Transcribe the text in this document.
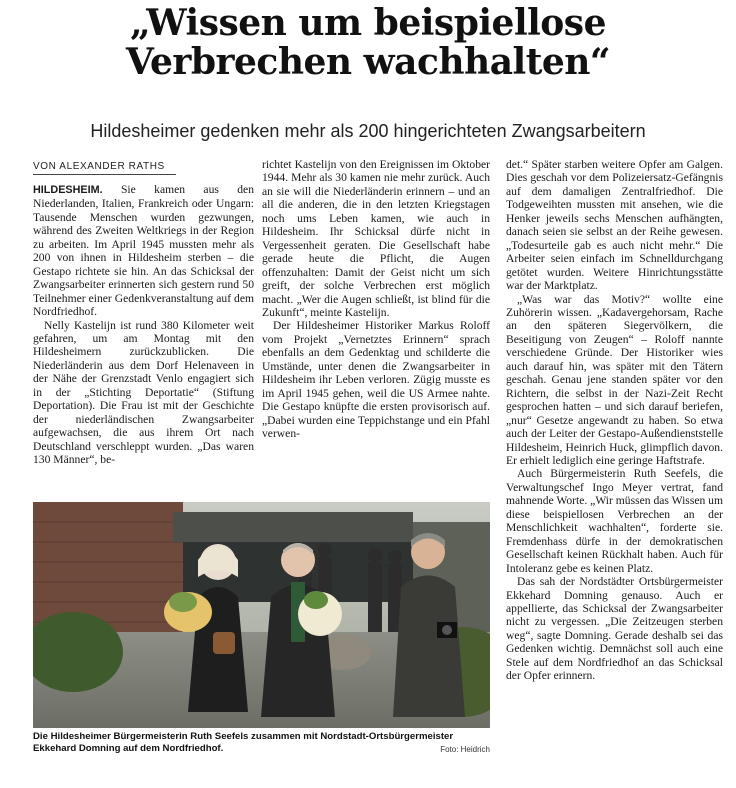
„Wissen um beispiellose
Verbrechen wachhalten“
Hildesheimer gedenken mehr als 200 hingerichteten Zwangsarbeitern
VON ALEXANDER RATHS

HILDESHEIM. Sie kamen aus den Niederlanden, Italien, Frankreich oder Ungarn: Tausende Menschen wurden gezwungen, während des Zweiten Weltkriegs in der Region zu arbeiten. Im April 1945 mussten mehr als 200 von ihnen in Hildesheim sterben – die Gestapo richtete sie hin. An das Schicksal der Zwangsarbeiter erinnerten sich gestern rund 50 Teilnehmer einer Gedenkveranstaltung auf dem Nordfriedhof.

Nelly Kastelijn ist rund 380 Kilometer weit gefahren, um am Montag mit den Hildesheimern zurückzublicken. Die Niederländerin aus dem Dorf Helenaveen in der Nähe der Grenzstadt Venlo engagiert sich in der „Stichting Deportatie“ (Stiftung Deportation). Die Frau ist mit der Geschichte der niederländischen Zwangsarbeiter aufgewachsen, die aus ihrem Ort nach Deutschland verschleppt wurden. „Das waren 130 Männer“, be-

richtet Kastelijn von den Ereignissen im Oktober 1944. Mehr als 30 kamen nie mehr zurück. Auch an sie will die Niederländerin erinnern – und an all die anderen, die in den letzten Kriegstagen noch ums Leben kamen, wie auch in Hildesheim. Ihr Schicksal dürfe nicht in Vergessenheit geraten. Die Gesellschaft habe gerade heute die Pflicht, die Augen offenzuhalten: Damit der Geist nicht um sich greift, der solche Verbrechen erst möglich macht. „Wer die Augen schließt, ist blind für die Zukunft“, meinte Kastelijn.

Der Hildesheimer Historiker Markus Roloff vom Projekt „Vernetztes Erinnern“ sprach ebenfalls an dem Gedenktag und schilderte die Umstände, unter denen die Zwangsarbeiter in Hildesheim ihr Leben verloren. Zügig musste es im April 1945 gehen, weil die US Armee nahte. Die Gestapo knüpfte die ersten provisorisch auf. „Dabei wurden eine Teppichstange und ein Pfahl verwen-

det.“ Später starben weitere Opfer am Galgen. Dies geschah vor dem Polizeiersatz-Gefängnis auf dem damaligen Zentralfriedhof. Die Todgeweihten mussten mit ansehen, wie die Henker jeweils sechs Menschen aufhängten, danach seien sie selbst an der Reihe gewesen. „Todesurteile gab es auch nicht mehr.“ Die Arbeiter seien einfach im Schnelldurchgang getötet wurden. Weitere Hinrichtungsstätte war der Marktplatz.

„Was war das Motiv?“ wollte eine Zuhörerin wissen. „Kadavergehorsam, Rache an den späteren Siegervölkern, die Beseitigung von Zeugen“ – Roloff nannte verschiedene Gründe. Der Historiker wies auch darauf hin, was später mit den Tätern geschah. Genau jene standen später vor den Richtern, die selbst in der Nazi-Zeit Recht gesprochen hatten – und sich darauf beriefen, „nur“ Gesetze angewandt zu haben. So etwa auch der Leiter der Gestapo-Außendienststelle Hildesheim, Heinrich Huck, glimpflich davon. Er erhielt lediglich eine geringe Haftstrafe.

Auch Bürgermeisterin Ruth Seefels, die Verwaltungschef Ingo Meyer vertrat, fand mahnende Worte. „Wir müssen das Wissen um diese beispiellosen Verbrechen an der Menschlichkeit wachhalten“, forderte sie. Fremdenhass dürfe in der demokratischen Gesellschaft keinen Rückhalt haben. Auch für Intoleranz gebe es keinen Platz.

Das sah der Nordstädter Ortsbürgermeister Ekkehard Domning genauso. Auch er appellierte, das Schicksal der Zwangsarbeiter nicht zu vergessen. „Die Zeitzeugen sterben weg“, sagte Domning. Gerade deshalb sei das Gedenken wichtig. Demnächst soll auch eine Stele auf dem Nordfriedhof an das Schicksal der Opfer erinnern.

Die Hildesheimer Bürgermeisterin Ruth Seefels zusammen mit Nordstadt-Ortsbürgermeister Ekkehard Domning auf dem Nordfriedhof.	Foto: Heidrich
